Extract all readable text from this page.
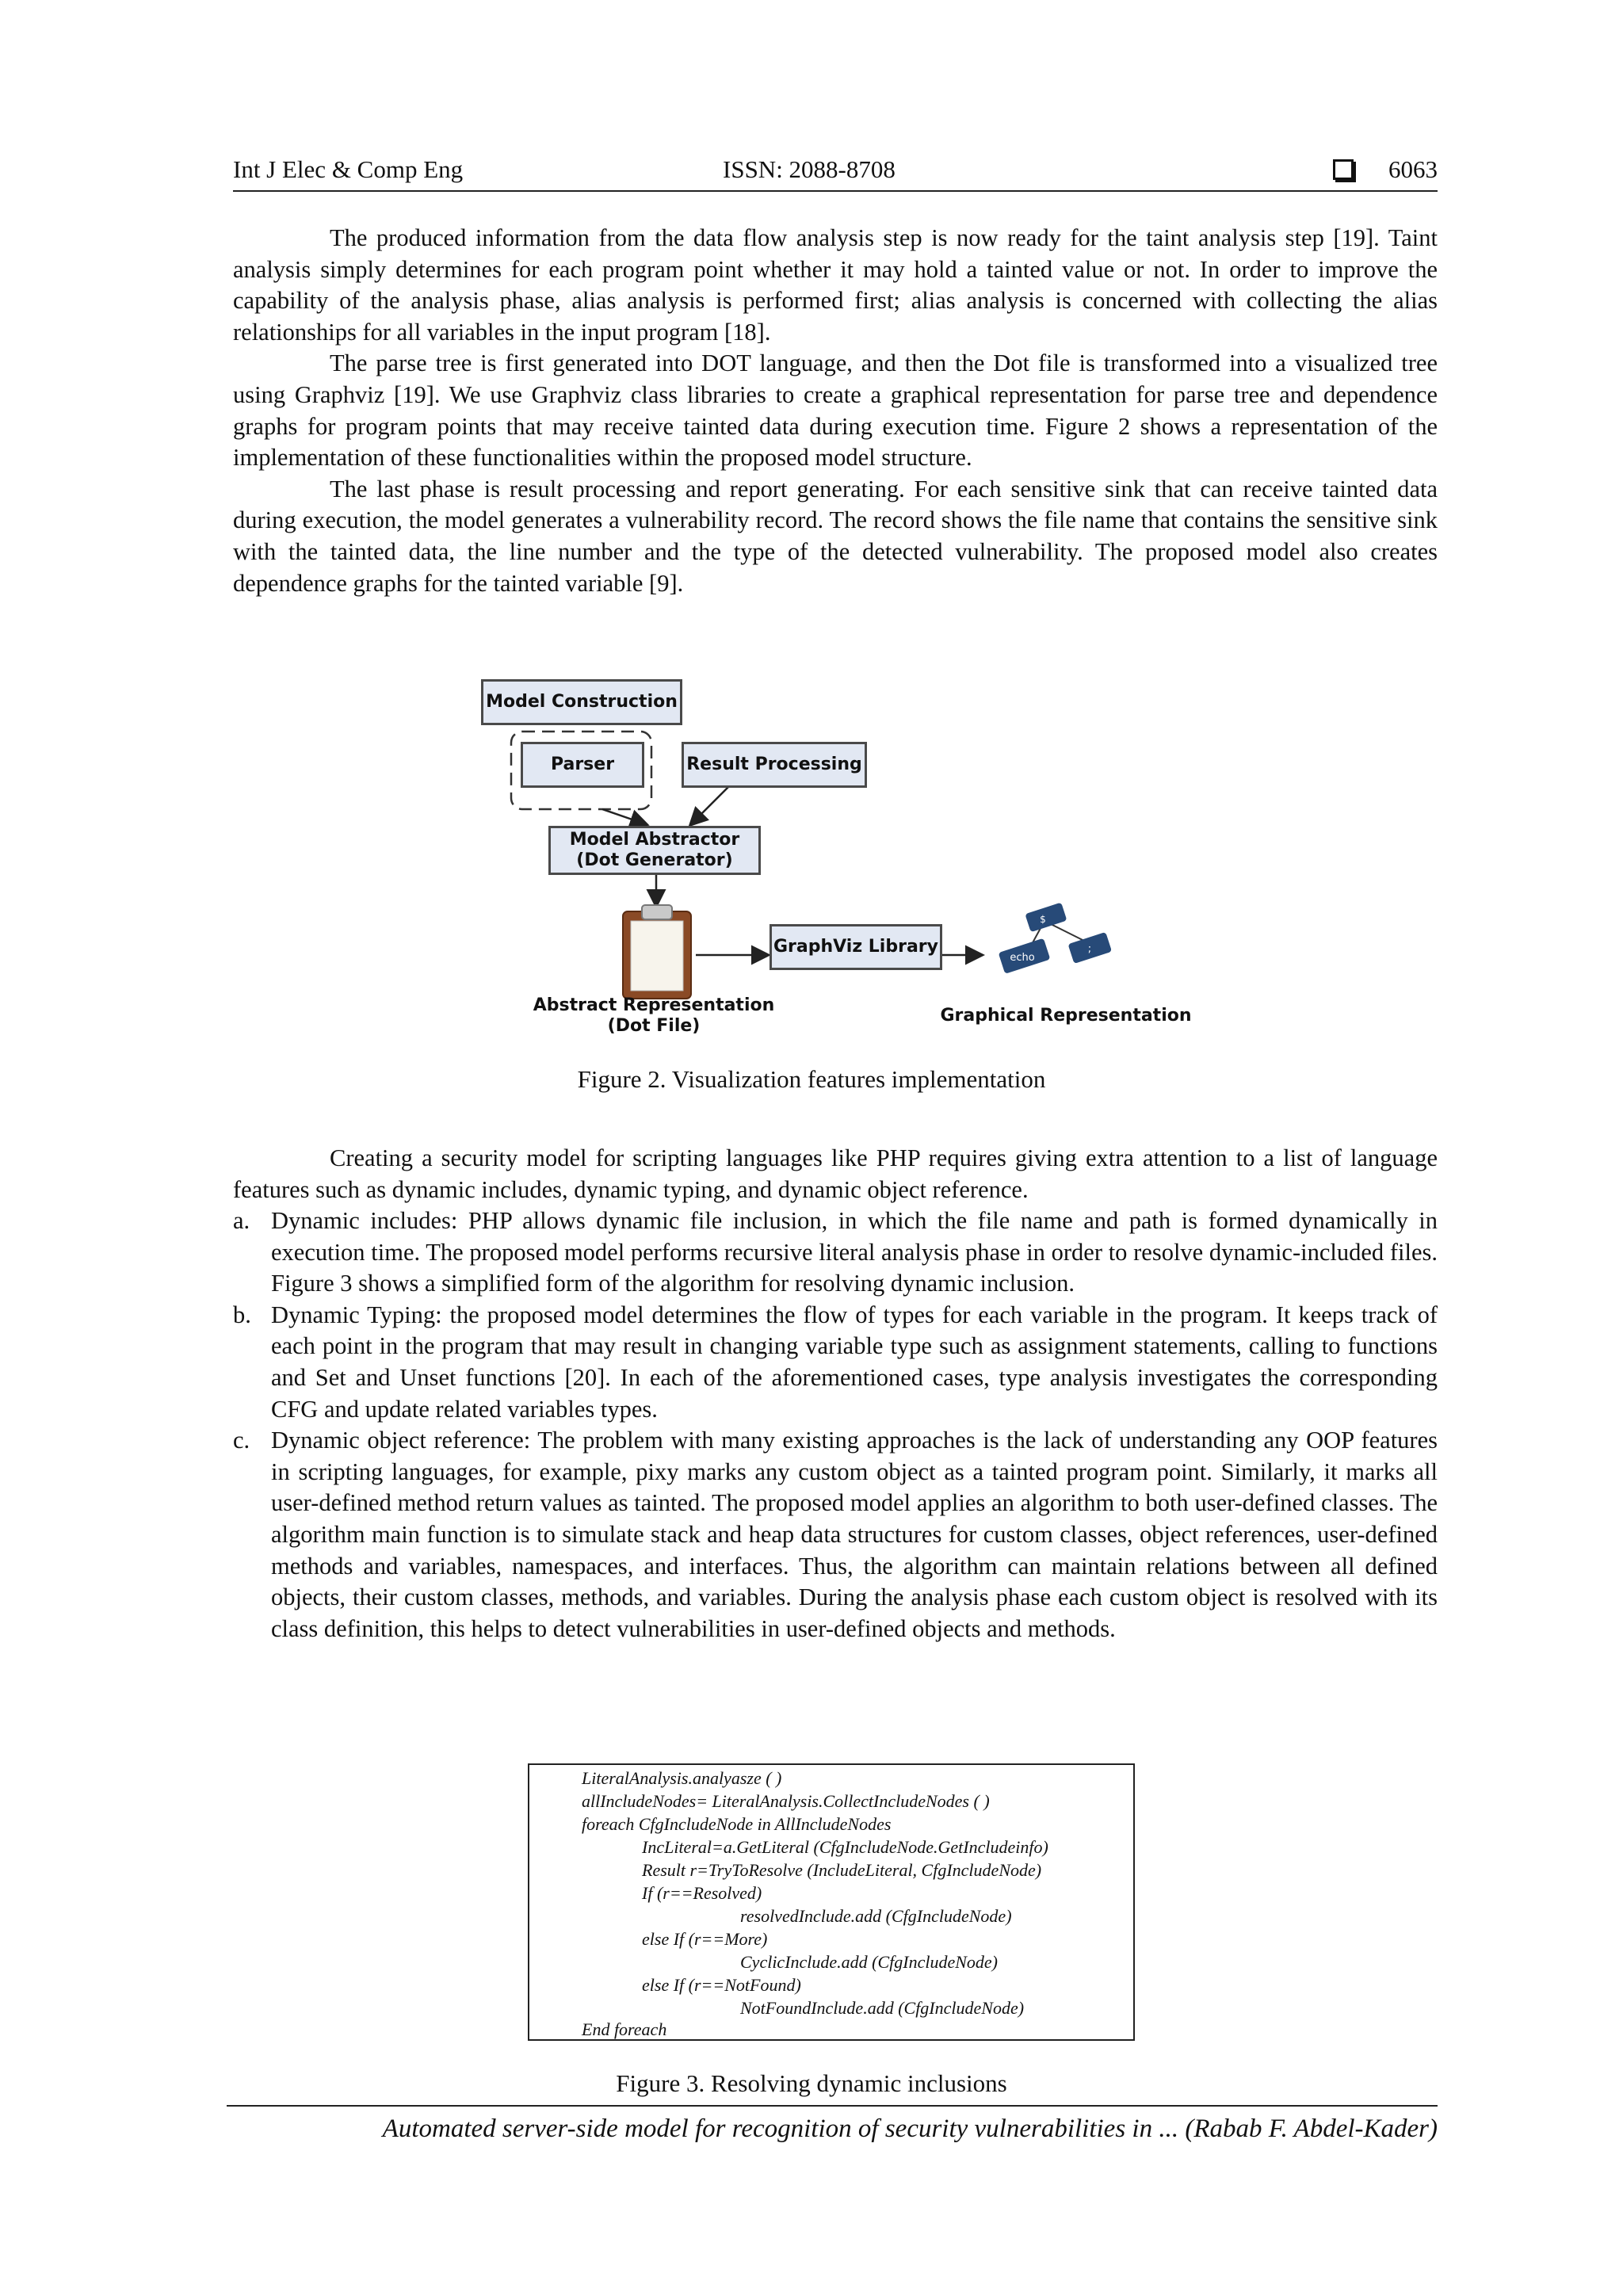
Int J Elec & Comp Eng	ISSN: 2088-8708	6063

The produced information from the data flow analysis step is now ready for the taint analysis step [19]. Taint analysis simply determines for each program point whether it may hold a tainted value or not. In order to improve the capability of the analysis phase, alias analysis is performed first; alias analysis is concerned with collecting the alias relationships for all variables in the input program [18].

The parse tree is first generated into DOT language, and then the Dot file is transformed into a visualized tree using Graphviz [19]. We use Graphviz class libraries to create a graphical representation for parse tree and dependence graphs for program points that may receive tainted data during execution time. Figure 2 shows a representation of the implementation of these functionalities within the proposed model structure.

The last phase is result processing and report generating. For each sensitive sink that can receive tainted data during execution, the model generates a vulnerability record. The record shows the file name that contains the sensitive sink with the tainted data, the line number and the type of the detected vulnerability. The proposed model also creates dependence graphs for the tainted variable [9].

$
echo
;
Model Construction
Parser	Result Processing
Model Abstractor
(Dot Generator)
GraphViz Library
Abstract Representation
(Dot File)
Graphical Representation
Figure 2. Visualization features implementation

Creating a security model for scripting languages like PHP requires giving extra attention to a list of language features such as dynamic includes, dynamic typing, and dynamic object reference.

a. Dynamic includes: PHP allows dynamic file inclusion, in which the file name and path is formed dynamically in execution time. The proposed model performs recursive literal analysis phase in order to resolve dynamic-included files. Figure 3 shows a simplified form of the algorithm for resolving dynamic inclusion.
b. Dynamic Typing: the proposed model determines the flow of types for each variable in the program. It keeps track of each point in the program that may result in changing variable type such as assignment statements, calling to functions and Set and Unset functions [20]. In each of the aforementioned cases, type analysis investigates the corresponding CFG and update related variables types.
c. Dynamic object reference: The problem with many existing approaches is the lack of understanding any OOP features in scripting languages, for example, pixy marks any custom object as a tainted program point. Similarly, it marks all user-defined method return values as tainted. The proposed model applies an algorithm to both user-defined classes. The algorithm main function is to simulate stack and heap data structures for custom classes, object references, user-defined methods and variables, namespaces, and interfaces. Thus, the algorithm can maintain relations between all defined objects, their custom classes, methods, and variables. During the analysis phase each custom object is resolved with its class definition, this helps to detect vulnerabilities in user-defined objects and methods.
LiteralAnalysis.analyasze ( )
allIncludeNodes= LiteralAnalysis.CollectIncludeNodes ( )
foreach CfgIncludeNode in AllIncludeNodes
IncLiteral=a.GetLiteral (CfgIncludeNode.GetIncludeinfo)
Result r=TryToResolve (IncludeLiteral, CfgIncludeNode)
If (r==Resolved)
resolvedInclude.add (CfgIncludeNode)
else If (r==More)
CyclicInclude.add (CfgIncludeNode)
else If (r==NotFound)
NotFoundInclude.add (CfgIncludeNode)
End foreach
Figure 3. Resolving dynamic inclusions
Automated server-side model for recognition of security vulnerabilities in ... (Rabab F. Abdel-Kader)
